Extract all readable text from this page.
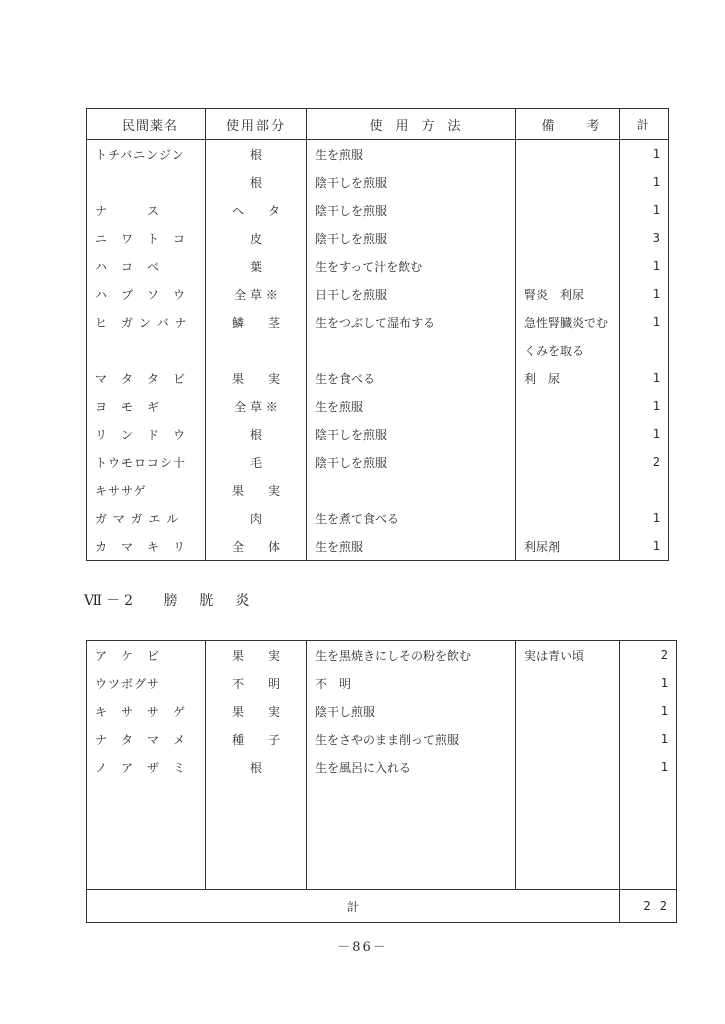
民間薬名	使用部分	使　用　方　法	備　　考	計
トチバニンジン	根	生を煎服		1
	根	陰干しを煎服		1
ナ　　　ス	ヘ　　タ	陰干しを煎服		1
ニ　ワ　ト　コ	皮	陰干しを煎服		3
ハ　コ　ベ	葉	生をすって汁を飲む		1
ハ　ブ　ソ　ウ	全 草 ※	日干しを煎服	腎炎　利尿	1
ヒ　ガ ン バ ナ	鱗　　茎	生をつぶして湿布する	急性腎臓炎でむ	1
			くみを取る	
マ　タ　タ　ビ	果　　実	生を食べる	利　尿	1
ヨ　モ　ギ	全 草 ※	生を煎服		1
リ　ン　ド　ウ	根	陰干しを煎服		1
トウモロコシ十	毛	陰干しを煎服		2
キササゲ	果　　実			
ガ マ ガ エ ル	肉	生を煮て食べる		1
カ　マ　キ　リ	全　　体	生を煎服	利尿剤	1
Ⅶ－2 膀　胱　炎
ア　ケ　ビ	果　　実	生を黒焼きにしその粉を飲む	実は青い頃	2
ウツボグサ	不　　明	不　明		1
キ　サ　サ　ゲ	果　　実	陰干し煎服		1
ナ　タ　マ　メ	種　　子	生をさやのまま削って煎服		1
ノ　ア　ザ　ミ	根	生を風呂に入れる		1

計				2 2
－86－
